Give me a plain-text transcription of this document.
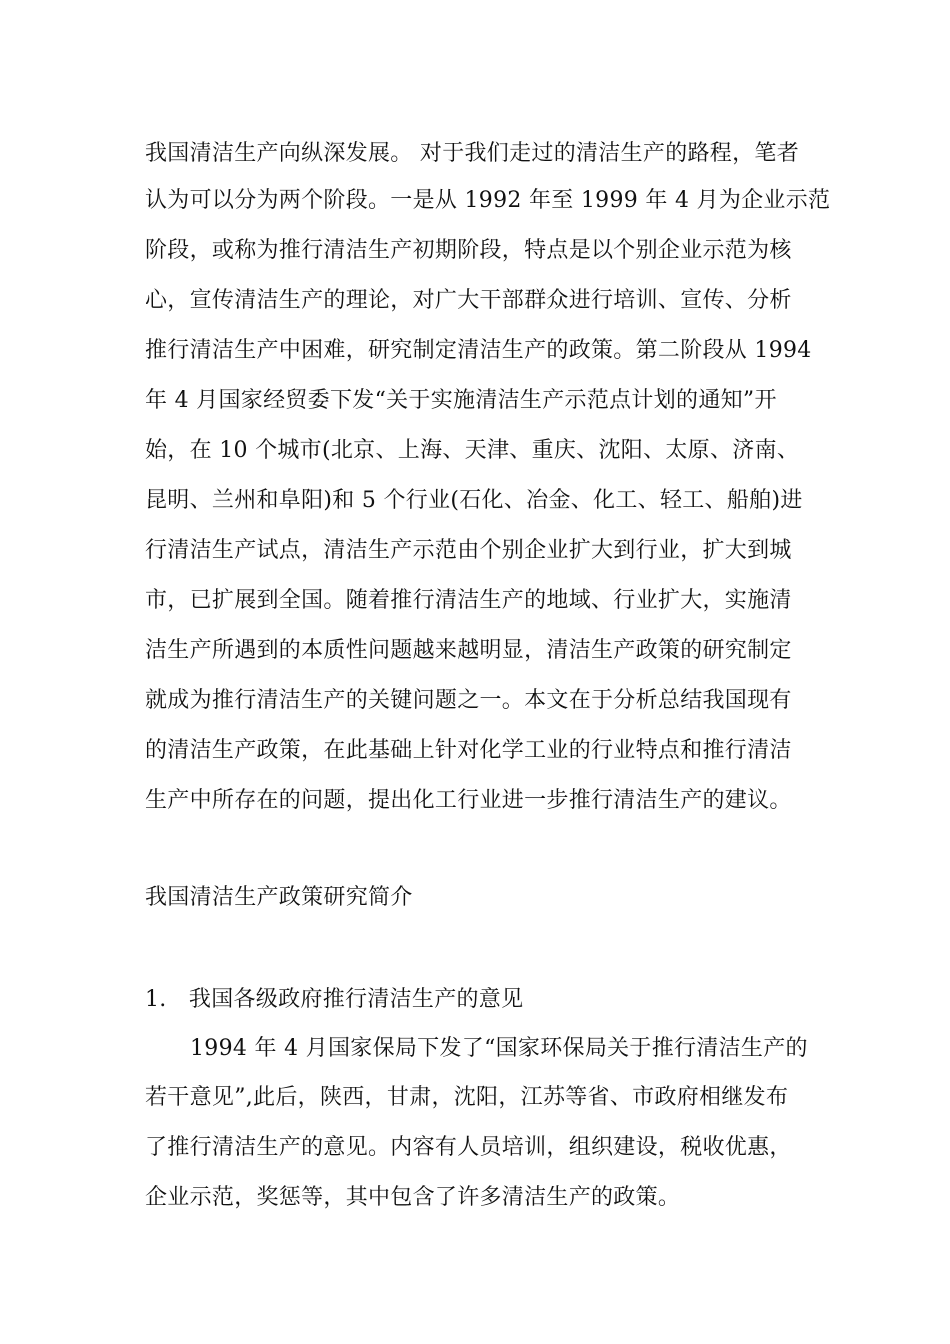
我国清洁生产向纵深发展。 对于我们走过的清洁生产的路程，笔者
认为可以分为两个阶段。一是从 1992 年至 1999 年 4 月为企业示范
阶段，或称为推行清洁生产初期阶段，特点是以个别企业示范为核
心，宣传清洁生产的理论，对广大干部群众进行培训、宣传、分析
推行清洁生产中困难，研究制定清洁生产的政策。第二阶段从 1994
年 4 月国家经贸委下发“关于实施清洁生产示范点计划的通知”开
始，在 10 个城市(北京、上海、天津、重庆、沈阳、太原、济南、
昆明、兰州和阜阳)和 5 个行业(石化、冶金、化工、轻工、船舶)进
行清洁生产试点，清洁生产示范由个别企业扩大到行业，扩大到城
市，已扩展到全国。随着推行清洁生产的地域、行业扩大，实施清
洁生产所遇到的本质性问题越来越明显，清洁生产政策的研究制定
就成为推行清洁生产的关键问题之一。本文在于分析总结我国现有
的清洁生产政策，在此基础上针对化学工业的行业特点和推行清洁
生产中所存在的问题，提出化工行业进一步推行清洁生产的建议。
我国清洁生产政策研究简介
1.　我国各级政府推行清洁生产的意见
1994 年 4 月国家保局下发了“国家环保局关于推行清洁生产的
若干意见”,此后，陕西，甘肃，沈阳，江苏等省、市政府相继发布
了推行清洁生产的意见。内容有人员培训，组织建设，税收优惠，
企业示范，奖惩等，其中包含了许多清洁生产的政策。
